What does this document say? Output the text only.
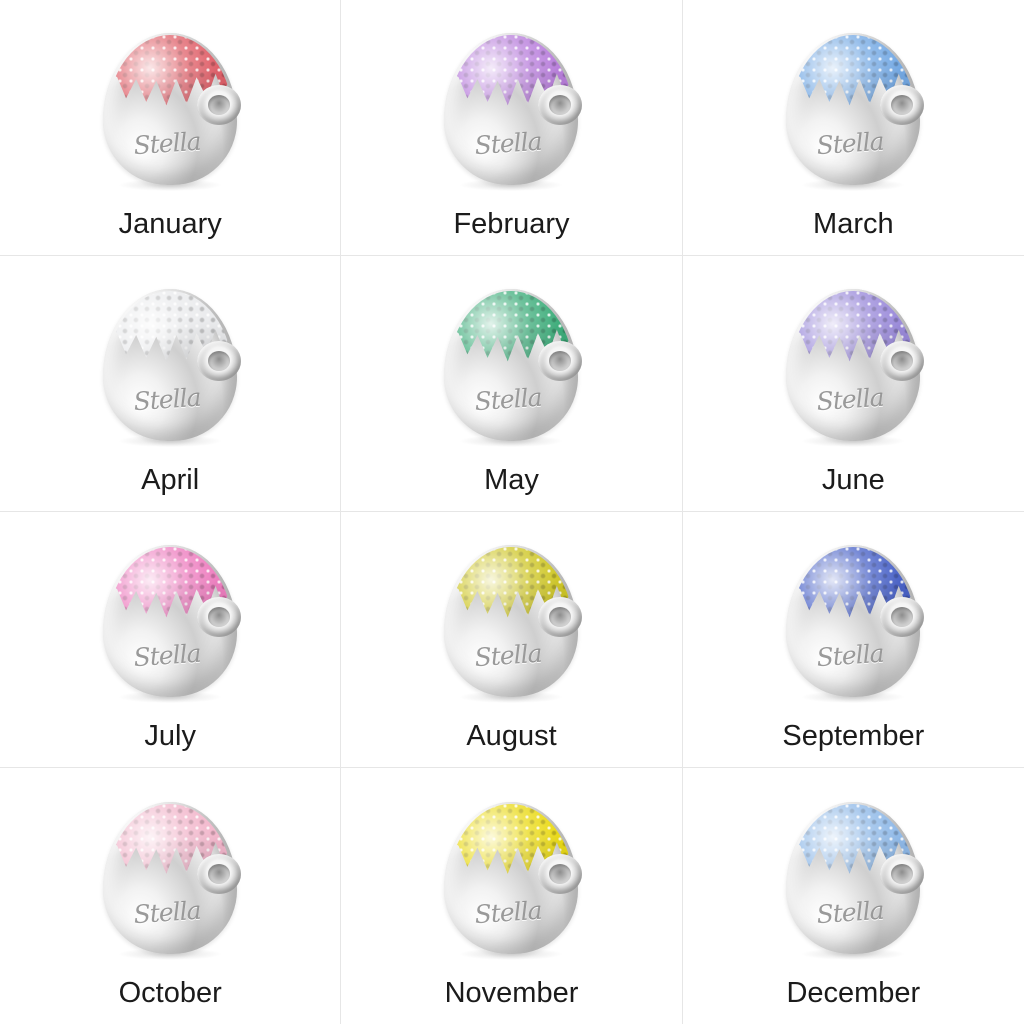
Stella
January
Stella
February
Stella
March
Stella
April
Stella
May
Stella
June
Stella
July
Stella
August
Stella
September
Stella
October
Stella
November
Stella
December
